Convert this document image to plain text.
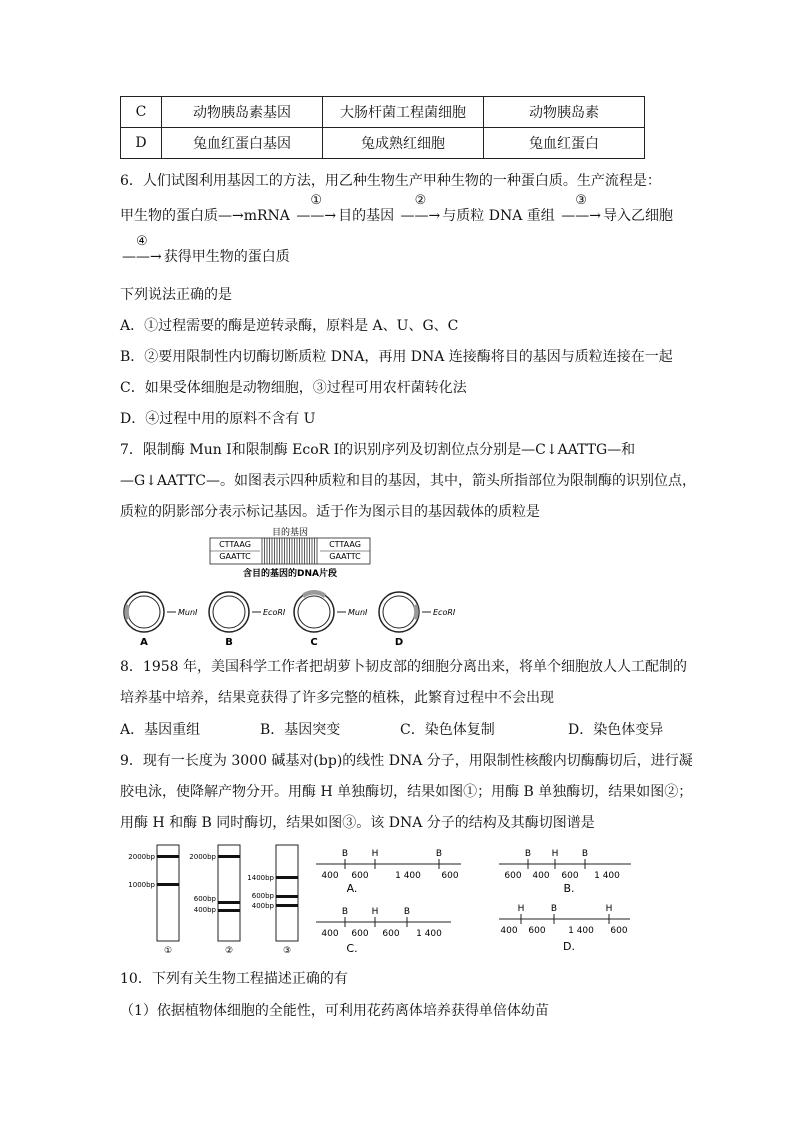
C	动物胰岛素基因	大肠杆菌工程菌细胞	动物胰岛素
D	兔血红蛋白基因	兔成熟红细胞	兔血红蛋白
6．人们试图利用基因工的方法，用乙种生物生产甲种生物的一种蛋白质。生产流程是：
甲生物的蛋白质—→mRNA
①
——→ 目的基因
②
——→ 与质粒 DNA 重组
③
——→ 导入乙细胞
④
——→ 获得甲生物的蛋白质
下列说法正确的是
A．①过程需要的酶是逆转录酶，原料是 A、U、G、C
B．②要用限制性内切酶切断质粒 DNA，再用 DNA 连接酶将目的基因与质粒连接在一起
C．如果受体细胞是动物细胞，③过程可用农杆菌转化法
D．④过程中用的原料不含有 U
7．限制酶 Mun Ⅰ和限制酶 EcoR Ⅰ的识别序列及切割位点分别是—C↓AATTG—和
—G↓AATTC—。如图表示四种质粒和目的基因，其中，箭头所指部位为限制酶的识别位点，
质粒的阴影部分表示标记基因。适于作为图示目的基因载体的质粒是
目的基因
CTTAAG
GAATTC
CTTAAG
GAATTC
含目的基因的DNA片段
MunⅠ
A
EcoRⅠ
B
MunⅠ
C
EcoRⅠ
D
8．1958 年，美国科学工作者把胡萝卜韧皮部的细胞分离出来，将单个细胞放人人工配制的
培养基中培养，结果竟获得了许多完整的植株，此繁育过程中不会出现
A．基因重组	B．基因突变	C．染色体复制	D．染色体变异
9．现有一长度为 3000 碱基对(bp)的线性 DNA 分子，用限制性核酸内切酶酶切后，进行凝
胶电泳，使降解产物分开。用酶 H 单独酶切，结果如图①；用酶 B 单独酶切，结果如图②；
用酶 H 和酶 B 同时酶切，结果如图③。该 DNA 分子的结构及其酶切图谱是
2000bp
1000bp
①
2000bp
600bp
400bp
②
1400bp
600bp
400bp
③
B	H	B
400 600	1 400 600
A.
B H	B
600 400 600 1 400
B.
B	H	B
400 600 600 1 400
C.
H	B	H
400 600	1 400 600
D.
10．下列有关生物工程描述正确的有
（1）依据植物体细胞的全能性，可利用花药离体培养获得单倍体幼苗
